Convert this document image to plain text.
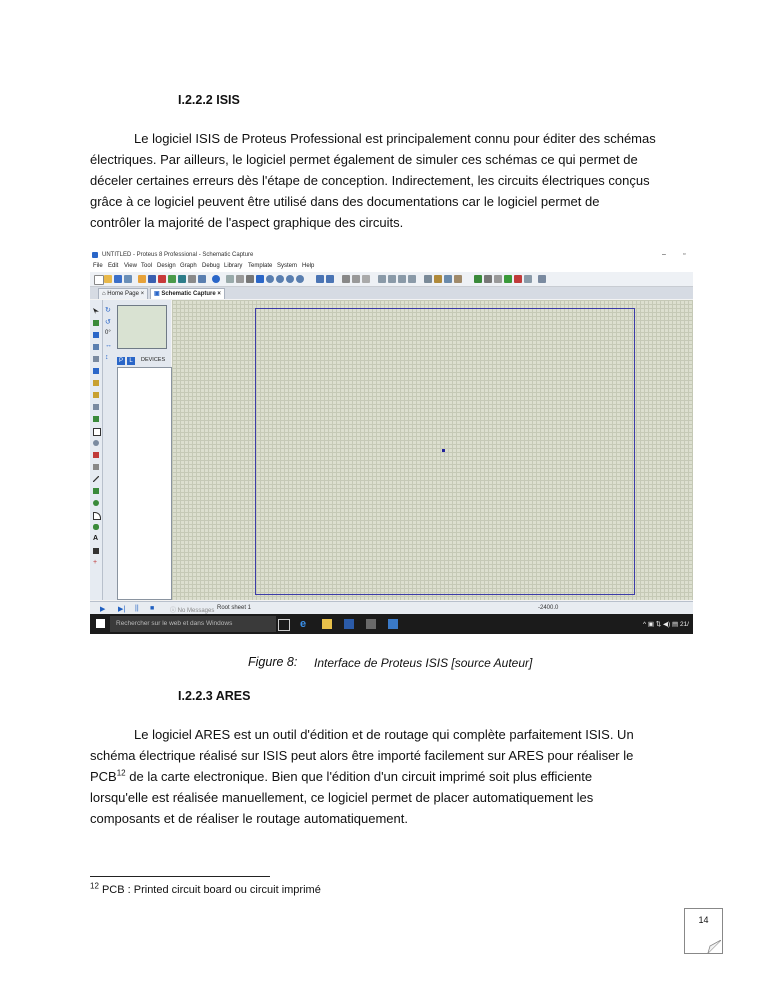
I.2.2.2 ISIS
Le logiciel ISIS de Proteus Professional est principalement connu pour éditer des schémas
électriques. Par ailleurs, le logiciel permet également de simuler ces schémas ce qui permet de
déceler certaines erreurs dès l'étape de conception. Indirectement, les circuits électriques conçus
grâce à ce logiciel peuvent être utilisé dans des documentations car le logiciel permet de
contrôler la majorité de l'aspect graphique des circuits.
UNTITLED - Proteus 8 Professional - Schematic Capture	– ▫
File Edit View Tool Design Graph Debug Library Template System Help
⌂ Home Page ×	▣ Schematic Capture ×
A
+
↻
↺
0°
↔
↕	P	L	DEVICES
▶ ▶| || ■	ⓘ No Messages Root sheet 1	-2400.0
Rechercher sur le web et dans Windows	e	^ ▣ ⇅ ◀) ▤ 21/
Figure 8: Interface de Proteus ISIS [source Auteur]
I.2.2.3 ARES
Le logiciel ARES est un outil d'édition et de routage qui complète parfaitement ISIS. Un
schéma électrique réalisé sur ISIS peut alors être importé facilement sur ARES pour réaliser le
PCB$^{12}$ de la carte electronique. Bien que l'édition d'un circuit imprimé soit plus efficiente
lorsqu'elle est réalisée manuellement, ce logiciel permet de placer automatiquement les
composants et de réaliser le routage automatiquement.
$^{12}$ PCB : Printed circuit board ou circuit imprimé
14
